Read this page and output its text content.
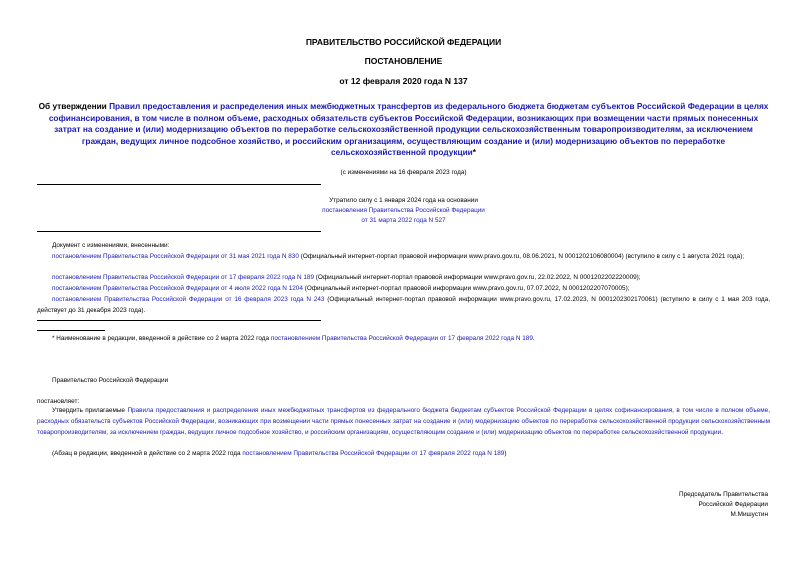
ПРАВИТЕЛЬСТВО РОССИЙСКОЙ ФЕДЕРАЦИИ
ПОСТАНОВЛЕНИЕ
от 12 февраля 2020 года N 137
Об утверждении Правил предоставления и распределения иных межбюджетных трансфертов из федерального бюджета бюджетам субъектов Российской Федерации в целях софинансирования, в том числе в полном объеме, расходных обязательств субъектов Российской Федерации, возникающих при возмещении части прямых понесенных затрат на создание и (или) модернизацию объектов по переработке сельскохозяйственной продукции сельскохозяйственным товаропроизводителям, за исключением граждан, ведущих личное подсобное хозяйство, и российским организациям, осуществляющим создание и (или) модернизацию объектов по переработке сельскохозяйственной продукции*
(с изменениями на 16 февраля 2023 года)
Утратило силу с 1 января 2024 года на основании
постановления Правительства Российской Федерации
от 31 марта 2022 года N 527
Документ с изменениями, внесенными:
постановлением Правительства Российской Федерации от 31 мая 2021 года N 830 (Официальный интернет-портал правовой информации www.pravo.gov.ru, 08.06.2021, N 0001202106080004) (вступило в силу с 1 августа 2021 года);
постановлением Правительства Российской Федерации от 17 февраля 2022 года N 189 (Официальный интернет-портал правовой информации www.pravo.gov.ru, 22.02.2022, N 0001202202220009);
постановлением Правительства Российской Федерации от 4 июля 2022 года N 1204 (Официальный интернет-портал правовой информации www.pravo.gov.ru, 07.07.2022, N 0001202207070005);
постановлением Правительства Российской Федерации от 16 февраля 2023 года N 243 (Официальный интернет-портал правовой информации www.pravo.gov.ru, 17.02.2023, N 0001202302170061) (вступило в силу с 1 мая 203 года, действует до 31 декабря 2023 года).
* Наименование в редакции, введенной в действие со 2 марта 2022 года постановлением Правительства Российской Федерации от 17 февраля 2022 года N 189.
Правительство Российской Федерации
постановляет:
Утвердить прилагаемые Правила предоставления и распределения иных межбюджетных трансфертов из федерального бюджета бюджетам субъектов Российской Федерации в целях софинансирования, в том числе в полном объеме, расходных обязательств субъектов Российской Федерации, возникающих при возмещении части прямых понесенных затрат на создание и (или) модернизацию объектов по переработке сельскохозяйственной продукции сельскохозяйственным товаропроизводителям, за исключением граждан, ведущих личное подсобное хозяйство, и российским организациям, осуществляющим создание и (или) модернизацию объектов по переработке сельскохозяйственной продукции.
(Абзац в редакции, введенной в действие со 2 марта 2022 года постановлением Правительства Российской Федерации от 17 февраля 2022 года N 189)
Председатель Правительства
Российской Федерации
М.Мишустин
